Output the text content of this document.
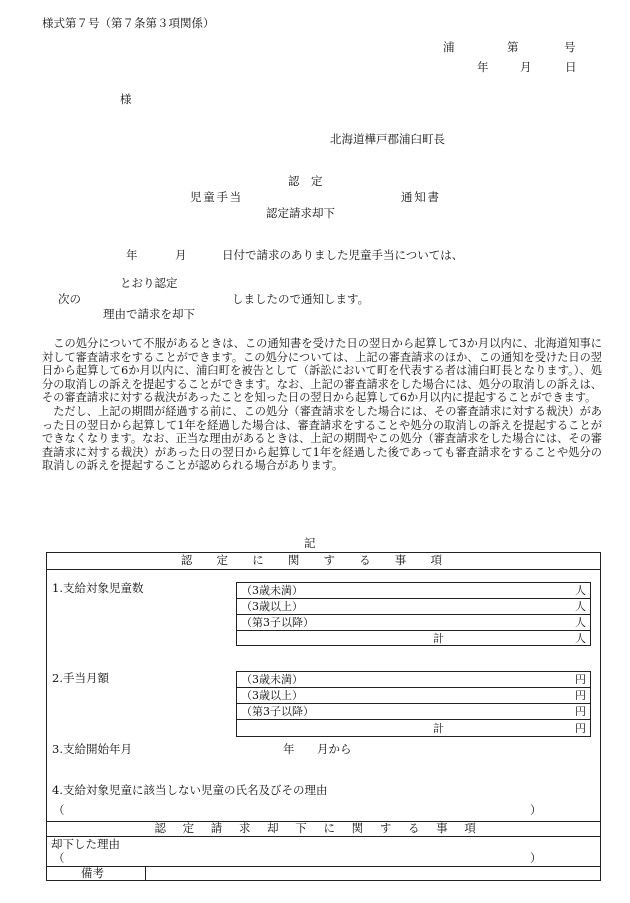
様式第７号（第７条第３項関係）
浦	第	号
年	月	日
様
北海道樺戸郡浦臼町長
認　定
児童手当	通知書
認定請求却下
年	月	日付で請求のありました児童手当については、
とおり認定
次の	しましたので通知します。
理由で請求を却下

この処分について不服があるときは、この通知書を受けた日の翌日から起算して3か月以内に、北海道知事に対して審査請求をすることができます。この処分については、上記の審査請求のほか、この通知を受けた日の翌日から起算して6か月以内に、浦臼町を被告として（訴訟において町を代表する者は浦臼町長となります。）、処分の取消しの訴えを提起することができます。なお、上記の審査請求をした場合には、処分の取消しの訴えは、その審査請求に対する裁決があったことを知った日の翌日から起算して6か月以内に提起することができます。

ただし、上記の期間が経過する前に、この処分（審査請求をした場合には、その審査請求に対する裁決）があった日の翌日から起算して1年を経過した場合は、審査請求をすることや処分の取消しの訴えを提起することができなくなります。なお、正当な理由があるときは、上記の期間やこの処分（審査請求をした場合には、その審査請求に対する裁決）があった日の翌日から起算して1年を経過した後であっても審査請求をすることや処分の取消しの訴えを提起することが認められる場合があります。

記
認定に関する事項
1.支給対象児童数	（3歳未満）	人
（3歳以上）	人
（第3子以降）	人
計	人
2.手当月額	（3歳未満）	円
（3歳以上）	円
（第3子以降）	円
計	円
3.支給開始年月	年 月から
4.支給対象児童に該当しない児童の氏名及びその理由
（	）
認定請求却下に関する事項
却下した理由
（	）
備考
